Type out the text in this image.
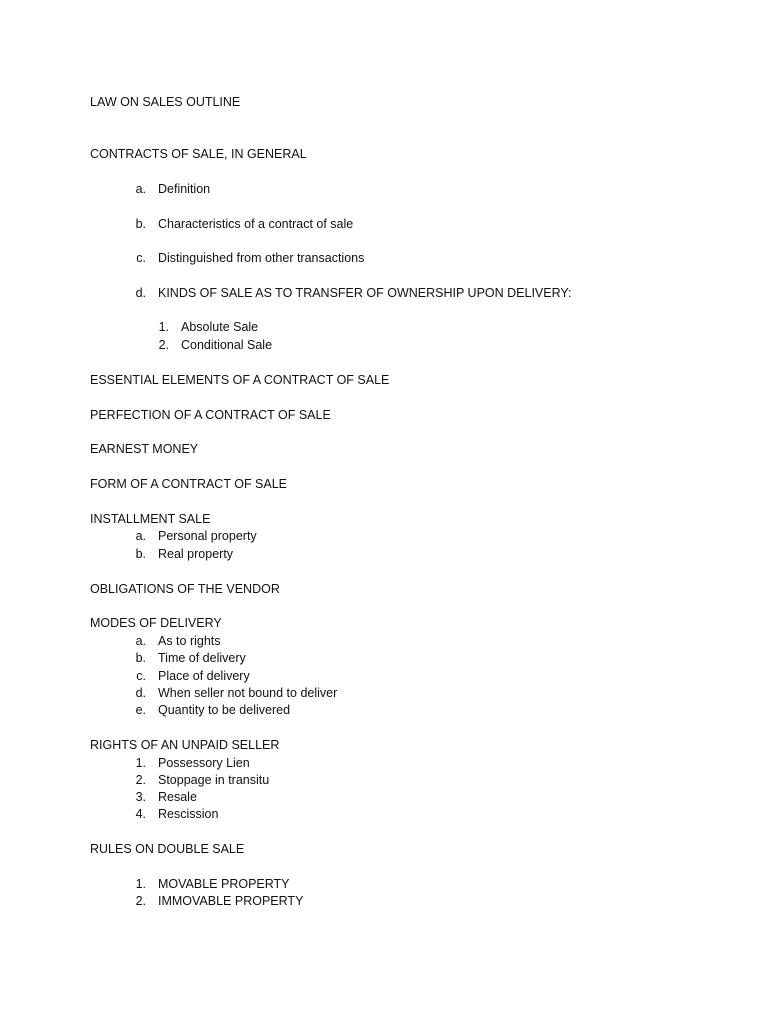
LAW ON SALES OUTLINE
CONTRACTS OF SALE, IN GENERAL
a. Definition
b. Characteristics of a contract of sale
c. Distinguished from other transactions
d. KINDS OF SALE AS TO TRANSFER OF OWNERSHIP UPON DELIVERY:
1. Absolute Sale
2. Conditional Sale
ESSENTIAL ELEMENTS OF A CONTRACT OF SALE
PERFECTION OF A CONTRACT OF SALE
EARNEST MONEY
FORM OF A CONTRACT OF SALE
INSTALLMENT SALE
a. Personal property
b. Real property
OBLIGATIONS OF THE VENDOR
MODES OF DELIVERY
a. As to rights
b. Time of delivery
c. Place of delivery
d. When seller not bound to deliver
e. Quantity to be delivered
RIGHTS OF AN UNPAID SELLER
1. Possessory Lien
2. Stoppage in transitu
3. Resale
4. Rescission
RULES ON DOUBLE SALE
1. MOVABLE PROPERTY
2. IMMOVABLE PROPERTY
